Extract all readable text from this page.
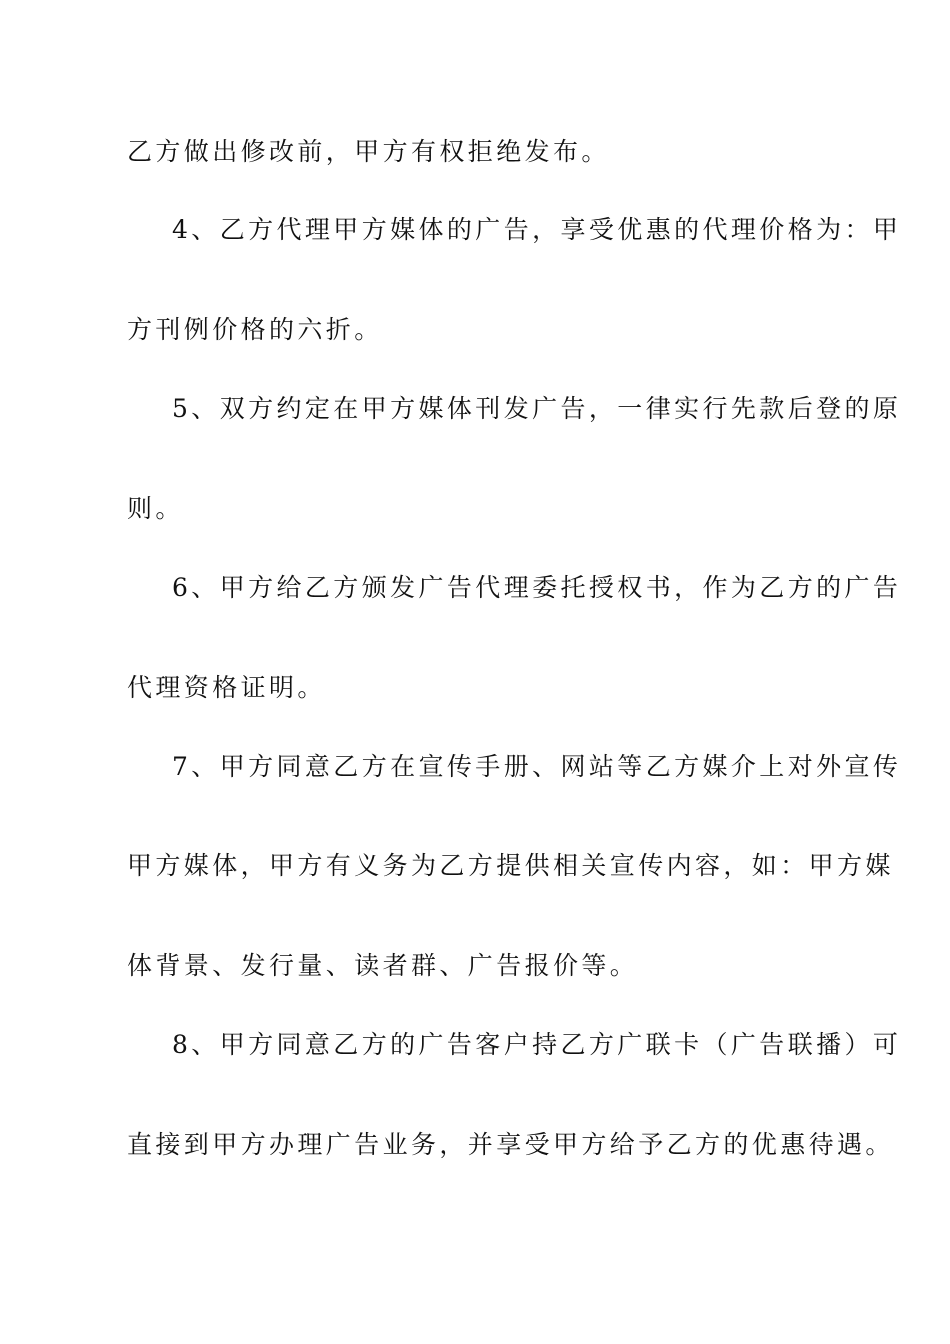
乙方做出修改前，甲方有权拒绝发布。
4、乙方代理甲方媒体的广告，享受优惠的代理价格为：甲
方刊例价格的六折。
5、双方约定在甲方媒体刊发广告，一律实行先款后登的原
则。
6、甲方给乙方颁发广告代理委托授权书，作为乙方的广告
代理资格证明。
7、甲方同意乙方在宣传手册、网站等乙方媒介上对外宣传
甲方媒体，甲方有义务为乙方提供相关宣传内容，如：甲方媒
体背景、发行量、读者群、广告报价等。
8、甲方同意乙方的广告客户持乙方广联卡（广告联播）可
直接到甲方办理广告业务，并享受甲方给予乙方的优惠待遇。
